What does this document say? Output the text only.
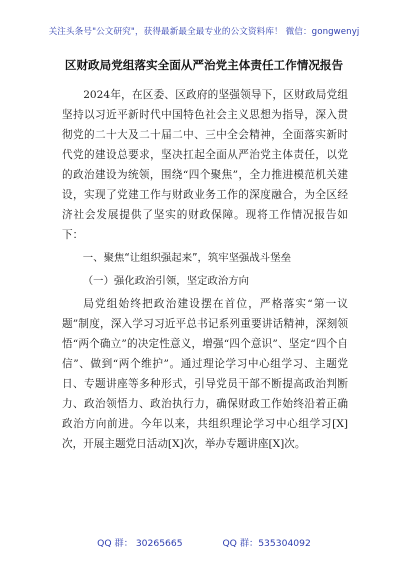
关注头条号"公文研究"，获得最新最全最专业的公文资料库！ 微信：gongwenyj
区财政局党组落实全面从严治党主体责任工作情况报告

2024年，在区委、区政府的坚强领导下，区财政局党组坚持以习近平新时代中国特色社会主义思想为指导，深入贯彻党的二十大及二十届二中、三中全会精神，全面落实新时代党的建设总要求，坚决扛起全面从严治党主体责任，以党的政治建设为统领，围绕“四个聚焦”，全力推进模范机关建设，实现了党建工作与财政业务工作的深度融合，为全区经济社会发展提供了坚实的财政保障。现将工作情况报告如下：

一、聚焦“让组织强起来”，筑牢坚强战斗堡垒

（一）强化政治引领，坚定政治方向

局党组始终把政治建设摆在首位，严格落实“第一议题”制度，深入学习习近平总书记系列重要讲话精神，深刻领悟“两个确立”的决定性意义，增强“四个意识”、坚定“四个自信”、做到“两个维护”。通过理论学习中心组学习、主题党日、专题讲座等多种形式，引导党员干部不断提高政治判断力、政治领悟力、政治执行力，确保财政工作始终沿着正确政治方向前进。今年以来，共组织理论学习中心组学习[X]次，开展主题党日活动[X]次，举办专题讲座[X]次。

QQ 群： 30265665	QQ 群：535304092
